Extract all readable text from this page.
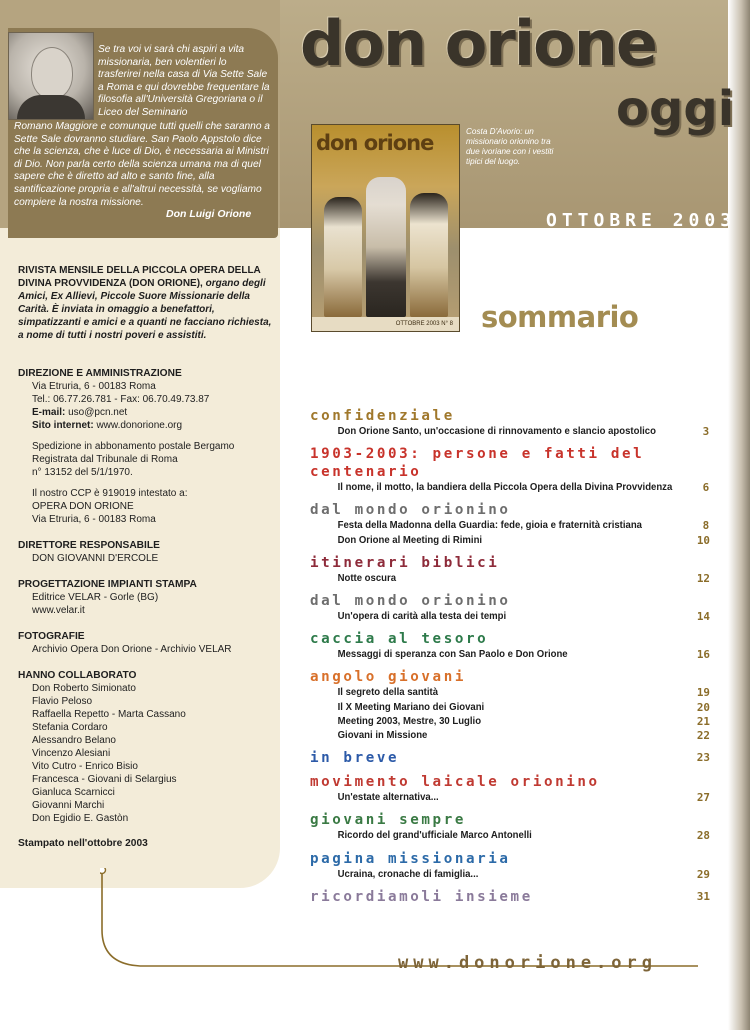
Se tra voi vi sarà chi aspiri a vita missionaria, ben volentieri lo trasferirei nella casa di Via Sette Sale a Roma e qui dovrebbe frequentare la filosofia all'Università Gregoriana o il Liceo del Seminario
Romano Maggiore e comunque tutti quelli che saranno a Sette Sale dovranno studiare. San Paolo Appstolo dice che la scienza, che è luce di Dio, è necessaria ai Ministri di Dio. Non parla certo della scienza umana ma di quel sapere che è diretto ad alto e santo fine, alla santificazione propria e all'altrui necessità, se vogliamo compiere la nostra missione.
Don Luigi Orione
don orione
oggi
OTTOBRE 2003
don orione
OTTOBRE 2003 N° 8
Costa D'Avorio: un missionario orionino tra due ivoriane con i vestiti tipici del luogo.
sommario
RIVISTA MENSILE DELLA PICCOLA OPERA DELLA DIVINA PROVVIDENZA (DON ORIONE), organo degli Amici, Ex Allievi, Piccole Suore Missionarie della Carità. È inviata in omaggio a benefattori, simpatizzanti e amici e a quanti ne facciano richiesta, a nome di tutti i nostri poveri e assistiti.
DIREZIONE E AMMINISTRAZIONE
Via Etruria, 6 - 00183 Roma
Tel.: 06.77.26.781 - Fax: 06.70.49.73.87
E-mail: uso@pcn.net
Sito internet: www.donorione.org
Spedizione in abbonamento postale Bergamo
Registrata dal Tribunale di Roma
n° 13152 del 5/1/1970.
Il nostro CCP è 919019 intestato a:
OPERA DON ORIONE
Via Etruria, 6 - 00183 Roma
DIRETTORE RESPONSABILE
DON GIOVANNI D'ERCOLE
PROGETTAZIONE IMPIANTI STAMPA
Editrice VELAR - Gorle (BG)
www.velar.it
FOTOGRAFIE
Archivio Opera Don Orione - Archivio VELAR
HANNO COLLABORATO
Don Roberto Simionato
Flavio Peloso
Raffaella Repetto - Marta Cassano
Stefania Cordaro
Alessandro Belano
Vincenzo Alesiani
Vito Cutro - Enrico Bisio
Francesca - Giovani di Selargius
Gianluca Scarnicci
Giovanni Marchi
Don Egidio E. Gastòn
Stampato nell'ottobre 2003
confidenziale
Don Orione Santo, un'occasione di rinnovamento e slancio apostolico	3
1903-2003: persone e fatti del centenario
Il nome, il motto, la bandiera della Piccola Opera della Divina Provvidenza	6
dal mondo orionino
Festa della Madonna della Guardia: fede, gioia e fraternità cristiana	8
Don Orione al Meeting di Rimini	10
itinerari biblici
Notte oscura	12
dal mondo orionino
Un'opera di carità alla testa dei tempi	14
caccia al tesoro
Messaggi di speranza con San Paolo e Don Orione	16
angolo giovani
Il segreto della santità	19
Il X Meeting Mariano dei Giovani	20
Meeting 2003, Mestre, 30 Luglio	21
Giovani in Missione	22
in breve	23
movimento laicale orionino
Un'estate alternativa...	27
giovani sempre
Ricordo del grand'ufficiale Marco Antonelli	28
pagina missionaria
Ucraina, cronache di famiglia...	29
ricordiamoli insieme	31
www.donorione.org
